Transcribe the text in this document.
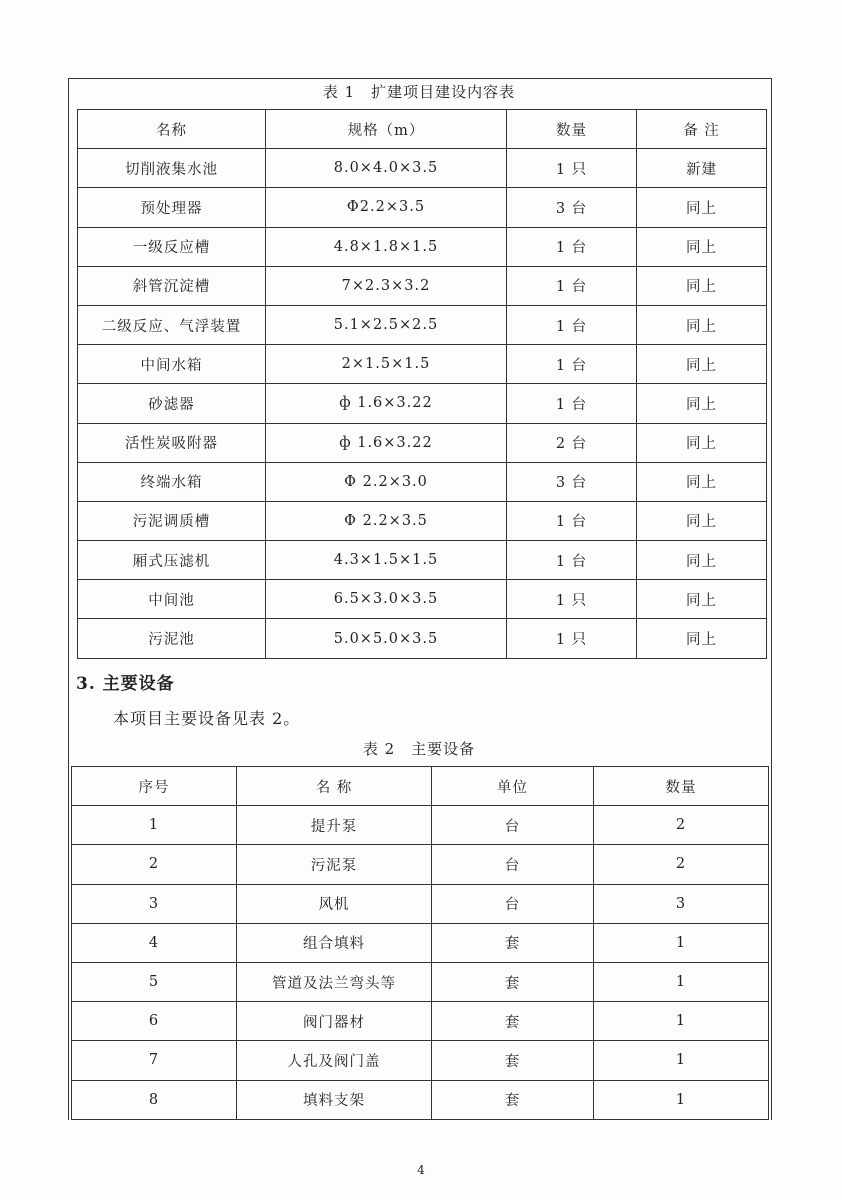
表 1　扩建项目建设内容表
名称	规格（m）	数量	备 注
切削液集水池	8.0×4.0×3.5	1 只	新建
预处理器	Φ2.2×3.5	3 台	同上
一级反应槽	4.8×1.8×1.5	1 台	同上
斜管沉淀槽	7×2.3×3.2	1 台	同上
二级反应、气浮装置	5.1×2.5×2.5	1 台	同上
中间水箱	2×1.5×1.5	1 台	同上
砂滤器	ф 1.6×3.22	1 台	同上
活性炭吸附器	ф 1.6×3.22	2 台	同上
终端水箱	Φ 2.2×3.0	3 台	同上
污泥调质槽	Φ 2.2×3.5	1 台	同上
厢式压滤机	4.3×1.5×1.5	1 台	同上
中间池	6.5×3.0×3.5	1 只	同上
污泥池	5.0×5.0×3.5	1 只	同上
3. 主要设备
本项目主要设备见表 2。
表 2　主要设备
序号	名 称	单位	数量
1	提升泵	台	2
2	污泥泵	台	2
3	风机	台	3
4	组合填料	套	1
5	管道及法兰弯头等	套	1
6	阀门器材	套	1
7	人孔及阀门盖	套	1
8	填料支架	套	1
4
